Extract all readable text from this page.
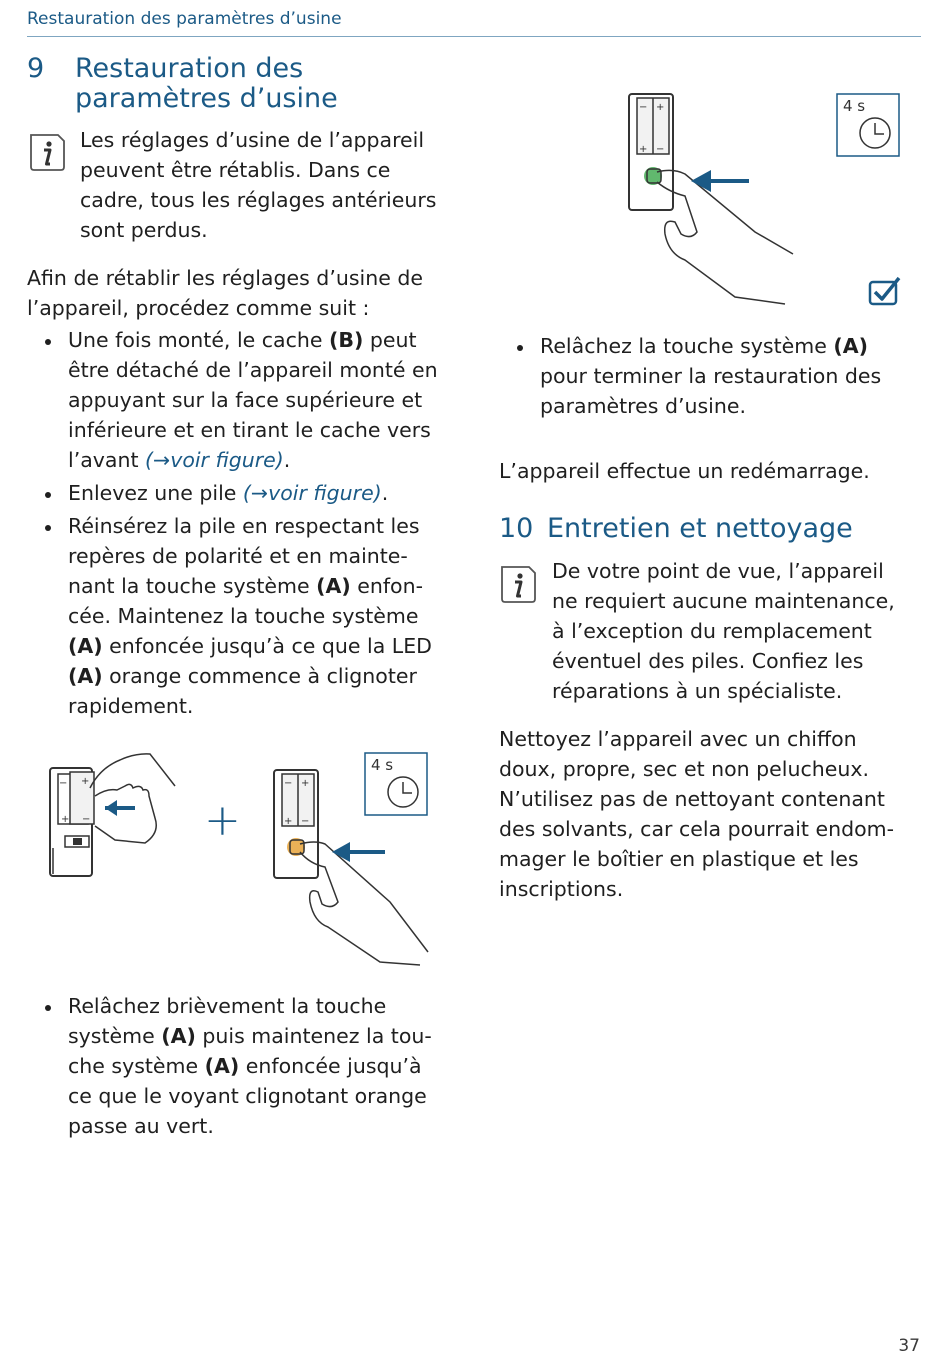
Restauration des paramètres d’usine
9 Restauration des
paramètres d’usine
Les réglages d’usine de l’appareil
peuvent être rétablis. Dans ce
cadre, tous les réglages antérieurs
sont perdus.
Afin de rétablir les réglages d’usine de
l’appareil, procédez comme suit :
Une fois monté, le cache (B) peut
être détaché de l’appareil monté en
appuyant sur la face supérieure et
inférieure et en tirant le cache vers
l’avant (→voir figure).
Enlevez une pile (→voir figure).
Réinsérez la pile en respectant les
repères de polarité et en mainte-
nant la touche système (A) enfon-
cée. Maintenez la touche système
(A) enfoncée jusqu’à ce que la LED
(A) orange commence à clignoter
rapidement.
− +
+ −	+
4 s
− +
+ −
Relâchez brièvement la touche
système (A) puis maintenez la tou-
che système (A) enfoncée jusqu’à
ce que le voyant clignotant orange
passe au vert.
4 s
− +
+ −
Relâchez la touche système (A)
pour terminer la restauration des
paramètres d’usine.
L’appareil effectue un redémarrage.
10 Entretien et nettoyage
De votre point de vue, l’appareil
ne requiert aucune maintenance,
à l’exception du remplacement
éventuel des piles. Confiez les
réparations à un spécialiste.
Nettoyez l’appareil avec un chiffon
doux, propre, sec et non pelucheux.
N’utilisez pas de nettoyant contenant
des solvants, car cela pourrait endom-
mager le boîtier en plastique et les
inscriptions.
37
